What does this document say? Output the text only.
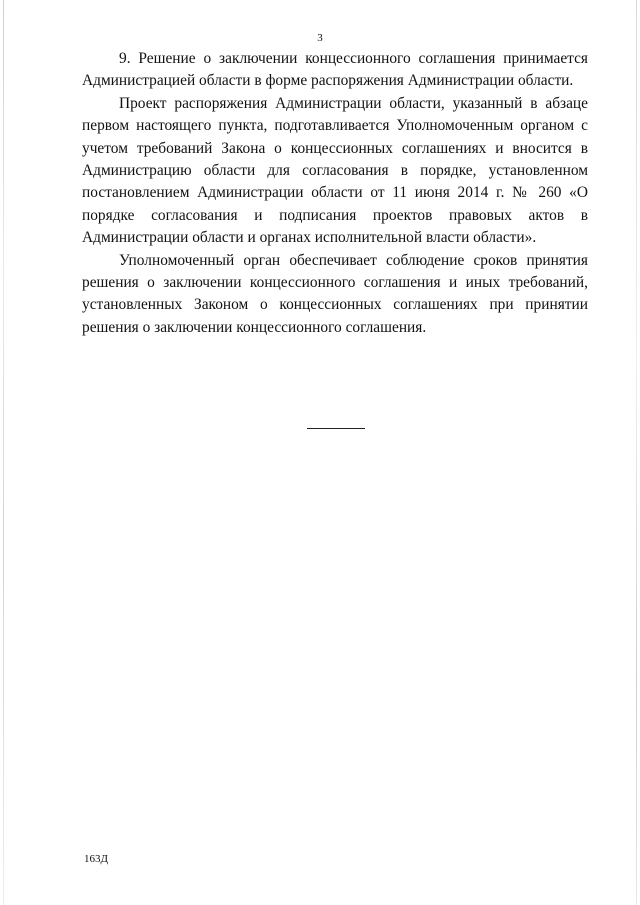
3

9. Решение о заключении концессионного соглашения принимается Администрацией области в форме распоряжения Администрации области.

Проект распоряжения Администрации области, указанный в абзаце первом настоящего пункта, подготавливается Уполномоченным органом с учетом требований Закона о концессионных соглашениях и вносится в Администрацию области для согласования в порядке, установленном постановлением Администрации области от 11 июня 2014 г. № 260 «О порядке согласования и подписания проектов правовых актов в Администрации области и органах исполнительной власти области».

Уполномоченный орган обеспечивает соблюдение сроков принятия решения о заключении концессионного соглашения и иных требований, установленных Законом о концессионных соглашениях при принятии решения о заключении концессионного соглашения.

163Д
